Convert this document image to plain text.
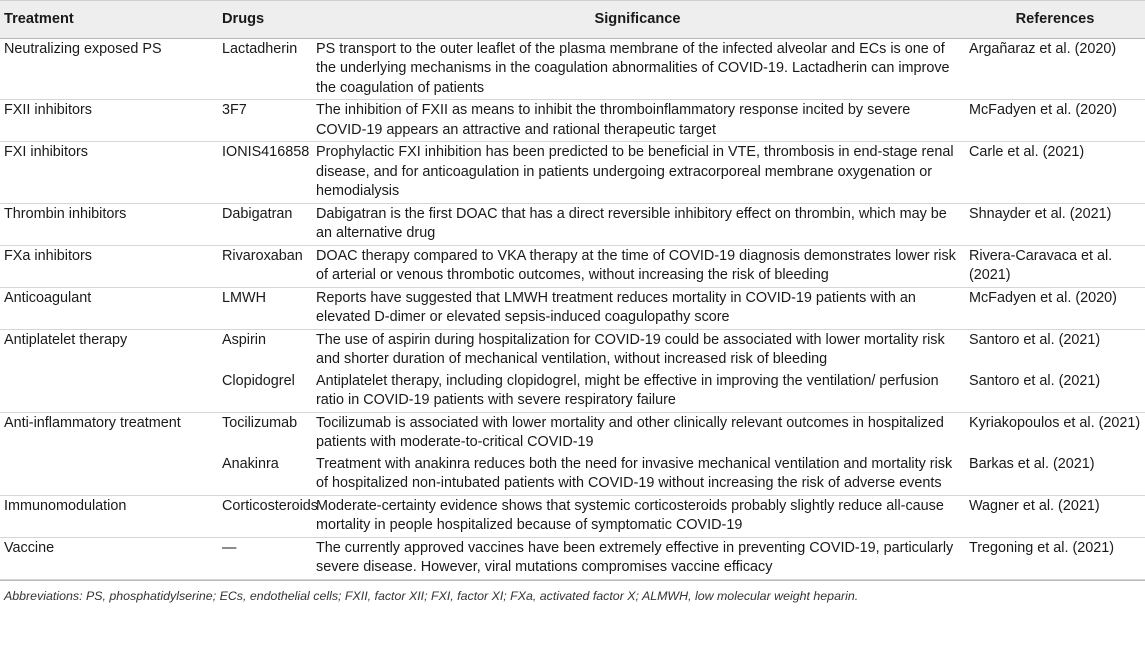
Treatment	Drugs	Significance	References
Neutralizing exposed PS	Lactadherin	PS transport to the outer leaflet of the plasma membrane of the infected alveolar and ECs is one of the underlying mechanisms in the coagulation abnormalities of COVID-19. Lactadherin can improve the coagulation of patients	Argañaraz et al. (2020)
FXII inhibitors	3F7	The inhibition of FXII as means to inhibit the thromboinflammatory response incited by severe COVID-19 appears an attractive and rational therapeutic target	McFadyen et al. (2020)
FXI inhibitors	IONIS416858	Prophylactic FXI inhibition has been predicted to be beneficial in VTE, thrombosis in end-stage renal disease, and for anticoagulation in patients undergoing extracorporeal membrane oxygenation or hemodialysis	Carle et al. (2021)
Thrombin inhibitors	Dabigatran	Dabigatran is the first DOAC that has a direct reversible inhibitory effect on thrombin, which may be an alternative drug	Shnayder et al. (2021)
FXa inhibitors	Rivaroxaban	DOAC therapy compared to VKA therapy at the time of COVID-19 diagnosis demonstrates lower risk of arterial or venous thrombotic outcomes, without increasing the risk of bleeding	Rivera-Caravaca et al. (2021)
Anticoagulant	LMWH	Reports have suggested that LMWH treatment reduces mortality in COVID-19 patients with an elevated D-dimer or elevated sepsis-induced coagulopathy score	McFadyen et al. (2020)
Antiplatelet therapy	Aspirin	The use of aspirin during hospitalization for COVID-19 could be associated with lower mortality risk and shorter duration of mechanical ventilation, without increased risk of bleeding	Santoro et al. (2021)
	Clopidogrel	Antiplatelet therapy, including clopidogrel, might be effective in improving the ventilation/ perfusion ratio in COVID-19 patients with severe respiratory failure	Santoro et al. (2021)
Anti-inflammatory treatment	Tocilizumab	Tocilizumab is associated with lower mortality and other clinically relevant outcomes in hospitalized patients with moderate-to-critical COVID-19	Kyriakopoulos et al. (2021)
	Anakinra	Treatment with anakinra reduces both the need for invasive mechanical ventilation and mortality risk of hospitalized non-intubated patients with COVID-19 without increasing the risk of adverse events	Barkas et al. (2021)
Immunomodulation	Corticosteroids	Moderate-certainty evidence shows that systemic corticosteroids probably slightly reduce all-cause mortality in people hospitalized because of symptomatic COVID-19	Wagner et al. (2021)
Vaccine	—	The currently approved vaccines have been extremely effective in preventing COVID-19, particularly severe disease. However, viral mutations compromises vaccine efficacy	Tregoning et al. (2021)
Abbreviations: PS, phosphatidylserine; ECs, endothelial cells; FXII, factor XII; FXI, factor XI; FXa, activated factor X; ALMWH, low molecular weight heparin.
